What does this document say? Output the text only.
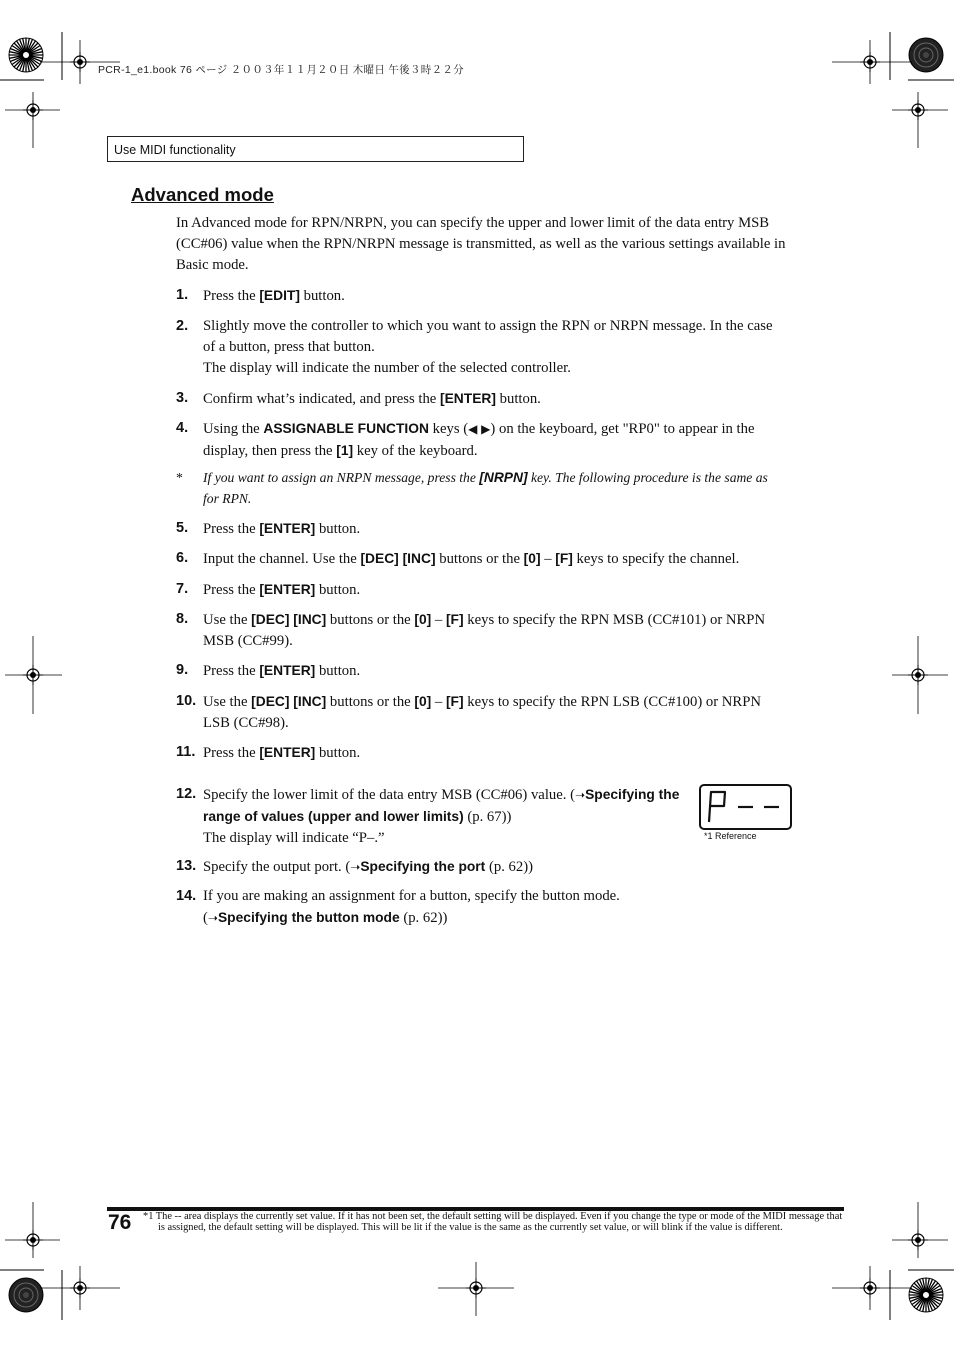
PCR-1_e1.book 76 ページ ２００３年１１月２０日 木曜日 午後３時２２分
Use MIDI functionality
Advanced mode
In Advanced mode for RPN/NRPN, you can specify the upper and lower limit of the data entry MSB (CC#06) value when the RPN/NRPN message is transmitted, as well as the various settings available in Basic mode.
1. Press the [EDIT] button.
2. Slightly move the controller to which you want to assign the RPN or NRPN message. In the case of a button, press that button.
The display will indicate the number of the selected controller.
3. Confirm what’s indicated, and press the [ENTER] button.
4. Using the ASSIGNABLE FUNCTION keys (◀ ▶) on the keyboard, get "RP0" to appear in the display, then press the [1] key of the keyboard.
* If you want to assign an NRPN message, press the [NRPN] key. The following procedure is the same as for RPN.
5. Press the [ENTER] button.
6. Input the channel. Use the [DEC] [INC] buttons or the [0] – [F] keys to specify the channel.
7. Press the [ENTER] button.
8. Use the [DEC] [INC] buttons or the [0] – [F] keys to specify the RPN MSB (CC#101) or NRPN MSB (CC#99).
9. Press the [ENTER] button.
10. Use the [DEC] [INC] buttons or the [0] – [F] keys to specify the RPN LSB (CC#100) or NRPN LSB (CC#98).
11. Press the [ENTER] button.
12. Specify the lower limit of the data entry MSB (CC#06) value. (➝Specifying the range of values (upper and lower limits) (p. 67))
The display will indicate “P–.”	*1 Reference
13. Specify the output port. (➝Specifying the port (p. 62))
14. If you are making an assignment for a button, specify the button mode.
(➝Specifying the button mode (p. 62))
76 *1 The -- area displays the currently set value. If it has not been set, the default setting will be displayed. Even if you change the type or mode of the MIDI message that is assigned, the default setting will be displayed. This will be lit if the value is the same as the currently set value, or will blink if the value is different.
